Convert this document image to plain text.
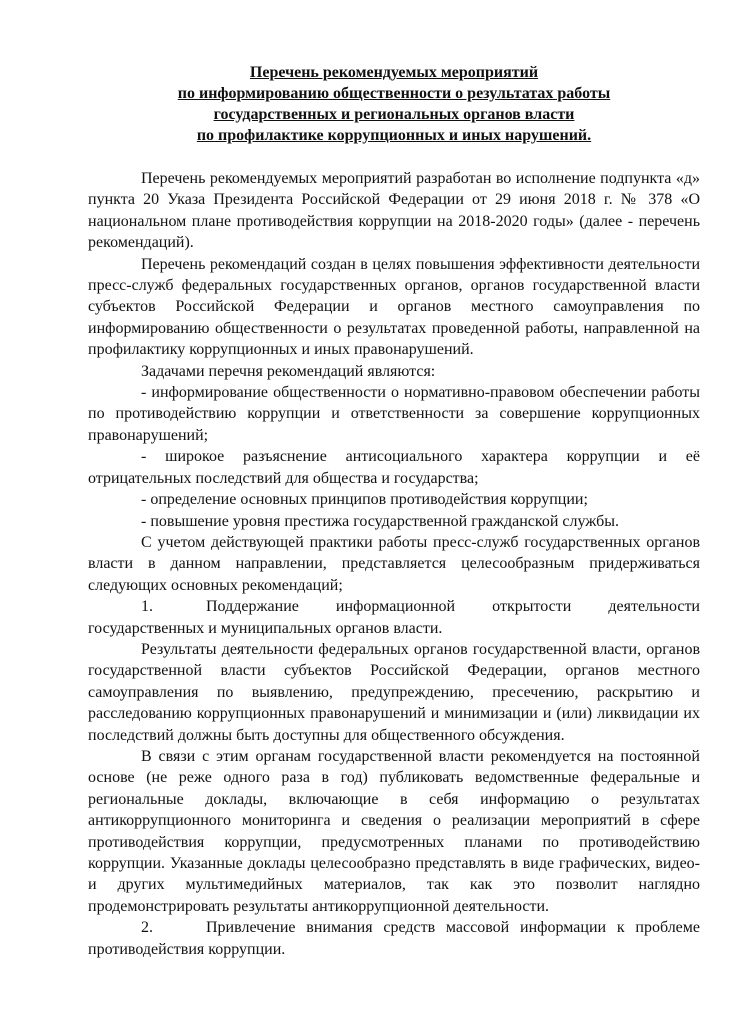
Перечень рекомендуемых мероприятий
по информированию общественности о результатах работы
государственных и региональных органов власти
по профилактике коррупционных и иных нарушений.

Перечень рекомендуемых мероприятий разработан во исполнение подпункта «д» пункта 20 Указа Президента Российской Федерации от 29 июня 2018 г. № 378 «О национальном плане противодействия коррупции на 2018-2020 годы» (далее - перечень рекомендаций).

Перечень рекомендаций создан в целях повышения эффективности деятельности пресс-служб федеральных государственных органов, органов государственной власти субъектов Российской Федерации и органов местного самоуправления по информированию общественности о результатах проведенной работы, направленной на профилактику коррупционных и иных правонарушений.

Задачами перечня рекомендаций являются:

- информирование общественности о нормативно-правовом обеспечении работы по противодействию коррупции и ответственности за совершение коррупционных правонарушений;

- широкое разъяснение антисоциального характера коррупции и её отрицательных последствий для общества и государства;

- определение основных принципов противодействия коррупции;

- повышение уровня престижа государственной гражданской службы.

С учетом действующей практики работы пресс-служб государственных органов власти в данном направлении, представляется целесообразным придерживаться следующих основных рекомендаций;

1.	Поддержание информационной открытости деятельности государственных и муниципальных органов власти.

Результаты деятельности федеральных органов государственной власти, органов государственной власти субъектов Российской Федерации, органов местного самоуправления по выявлению, предупреждению, пресечению, раскрытию и расследованию коррупционных правонарушений и минимизации и (или) ликвидации их последствий должны быть доступны для общественного обсуждения.

В связи с этим органам государственной власти рекомендуется на постоянной основе (не реже одного раза в год) публиковать ведомственные федеральные и региональные доклады, включающие в себя информацию о результатах антикоррупционного мониторинга и сведения о реализации мероприятий в сфере противодействия коррупции, предусмотренных планами по противодействию коррупции. Указанные доклады целесообразно представлять в виде графических, видео- и других мультимедийных материалов, так как это позволит наглядно продемонстрировать результаты антикоррупционной деятельности.

2.	Привлечение внимания средств массовой информации к проблеме противодействия коррупции.
